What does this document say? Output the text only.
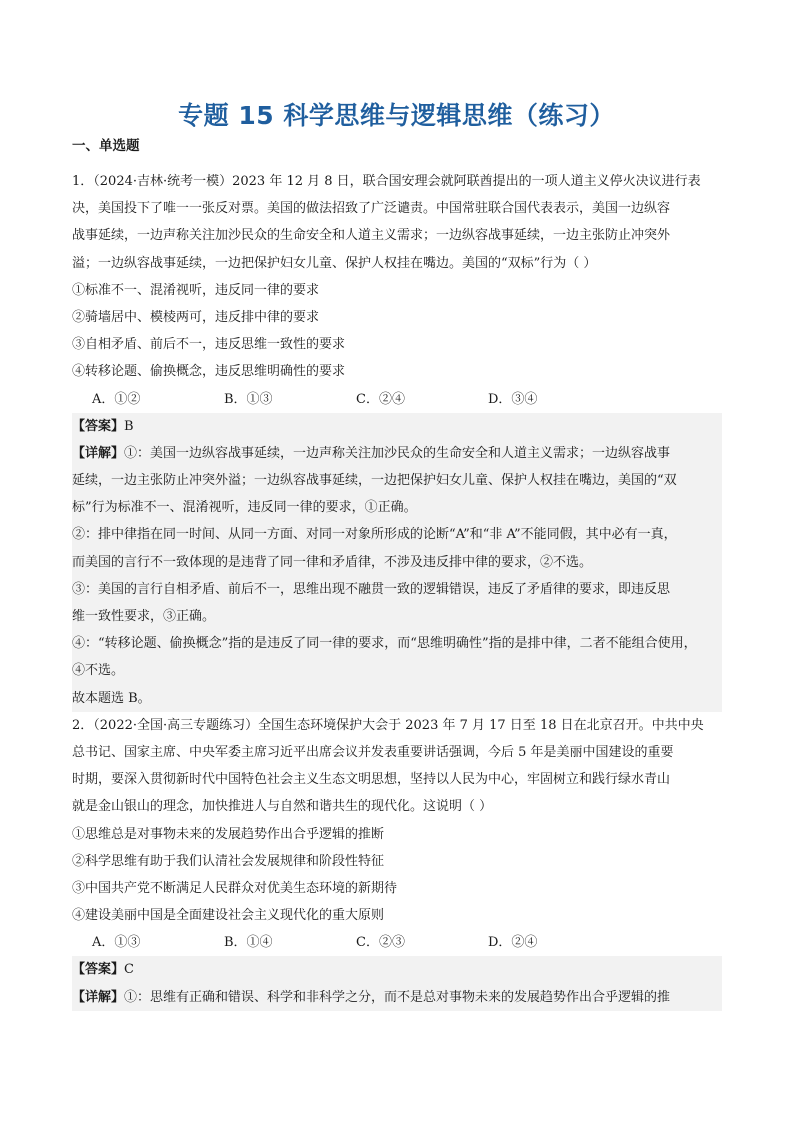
专题 15 科学思维与逻辑思维（练习）
一、单选题
1．（2024·吉林·统考一模）2023 年 12 月 8 日，联合国安理会就阿联酋提出的一项人道主义停火决议进行表
决，美国投下了唯一一张反对票。美国的做法招致了广泛谴责。中国常驻联合国代表表示，美国一边纵容
战事延续，一边声称关注加沙民众的生命安全和人道主义需求；一边纵容战事延续，一边主张防止冲突外
溢；一边纵容战事延续，一边把保护妇女儿童、保护人权挂在嘴边。美国的“双标”行为（ ）
①标准不一、混淆视听，违反同一律的要求
②骑墙居中、模棱两可，违反排中律的要求
③自相矛盾、前后不一，违反思维一致性的要求
④转移论题、偷换概念，违反思维明确性的要求
A．①②	B．①③	C．②④	D．③④
【答案】B
【详解】①：美国一边纵容战事延续，一边声称关注加沙民众的生命安全和人道主义需求；一边纵容战事
延续，一边主张防止冲突外溢；一边纵容战事延续，一边把保护妇女儿童、保护人权挂在嘴边，美国的“双
标”行为标准不一、混淆视听，违反同一律的要求，①正确。
②：排中律指在同一时间、从同一方面、对同一对象所形成的论断“A”和“非 A”不能同假，其中必有一真，
而美国的言行不一致体现的是违背了同一律和矛盾律，不涉及违反排中律的要求，②不选。
③：美国的言行自相矛盾、前后不一，思维出现不融贯一致的逻辑错误，违反了矛盾律的要求，即违反思
维一致性要求，③正确。
④：“转移论题、偷换概念”指的是违反了同一律的要求，而“思维明确性”指的是排中律，二者不能组合使用，
④不选。
故本题选 B。
2．（2022·全国·高三专题练习）全国生态环境保护大会于 2023 年 7 月 17 日至 18 日在北京召开。中共中央
总书记、国家主席、中央军委主席习近平出席会议并发表重要讲话强调，今后 5 年是美丽中国建设的重要
时期，要深入贯彻新时代中国特色社会主义生态文明思想，坚持以人民为中心，牢固树立和践行绿水青山
就是金山银山的理念，加快推进人与自然和谐共生的现代化。这说明（ ）
①思维总是对事物未来的发展趋势作出合乎逻辑的推断
②科学思维有助于我们认清社会发展规律和阶段性特征
③中国共产党不断满足人民群众对优美生态环境的新期待
④建设美丽中国是全面建设社会主义现代化的重大原则
A．①③	B．①④	C．②③	D．②④
【答案】C
【详解】①：思维有正确和错误、科学和非科学之分，而不是总对事物未来的发展趋势作出合乎逻辑的推
